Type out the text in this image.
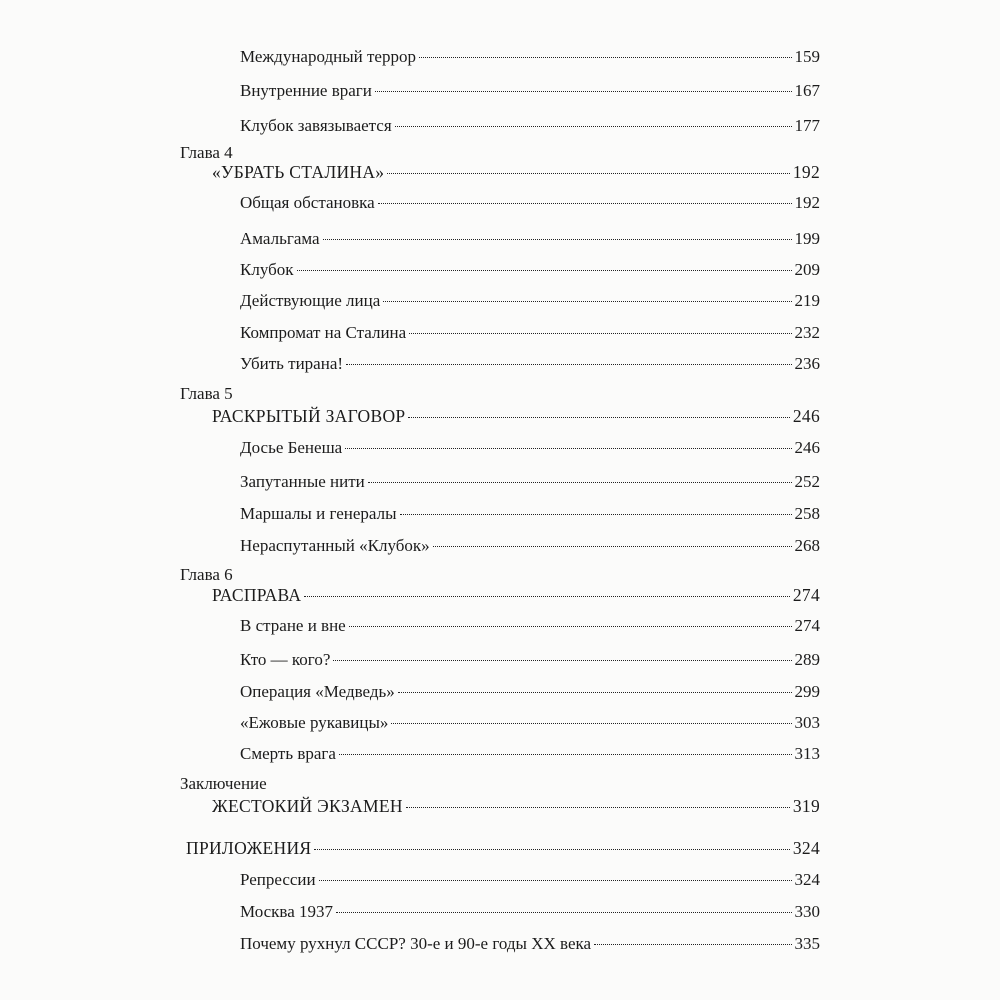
Международный террор	159
Внутренние враги	167
Клубок завязывается	177
Глава 4
«УБРАТЬ СТАЛИНА»	192
Общая обстановка	192
Амальгама	199
Клубок	209
Действующие лица	219
Компромат на Сталина	232
Убить тирана!	236
Глава 5
РАСКРЫТЫЙ ЗАГОВОР	246
Досье Бенеша	246
Запутанные нити	252
Маршалы и генералы	258
Нераспутанный «Клубок»	268
Глава 6
РАСПРАВА	274
В стране и вне	274
Кто — кого?	289
Операция «Медведь»	299
«Ежовые рукавицы»	303
Смерть врага	313
Заключение
ЖЕСТОКИЙ ЭКЗАМЕН	319
ПРИЛОЖЕНИЯ	324
Репрессии	324
Москва 1937	330
Почему рухнул СССР? 30-е и 90-е годы XX века	335
